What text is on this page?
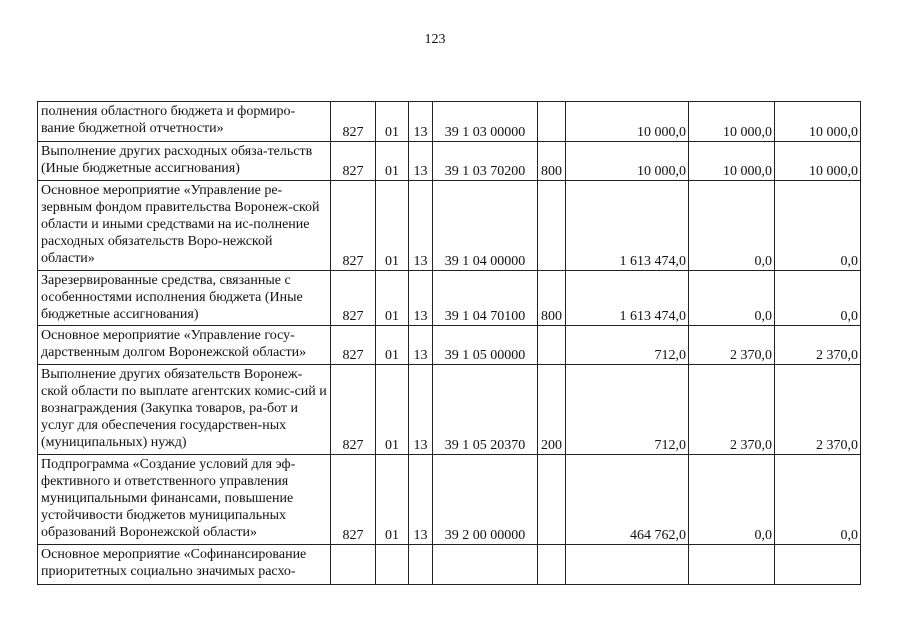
123
полнения областного бюджета и формиро-вание бюджетной отчетности»	827	01	13	39 1 03 00000		10 000,0	10 000,0	10 000,0
Выполнение других расходных обяза-тельств (Иные бюджетные ассигнования)	827	01	13	39 1 03 70200	800	10 000,0	10 000,0	10 000,0
Основное мероприятие «Управление ре-зервным фондом правительства Воронеж-ской области и иными средствами на ис-полнение расходных обязательств Воро-нежской области»	827	01	13	39 1 04 00000		1 613 474,0	0,0	0,0
Зарезервированные средства, связанные с особенностями исполнения бюджета (Иные бюджетные ассигнования)	827	01	13	39 1 04 70100	800	1 613 474,0	0,0	0,0
Основное мероприятие «Управление госу-дарственным долгом Воронежской области»	827	01	13	39 1 05 00000		712,0	2 370,0	2 370,0
Выполнение других обязательств Воронеж-ской области по выплате агентских комис-сий и вознаграждения (Закупка товаров, ра-бот и услуг для обеспечения государствен-ных (муниципальных) нужд)	827	01	13	39 1 05 20370	200	712,0	2 370,0	2 370,0
Подпрограмма «Создание условий для эф-фективного и ответственного управления муниципальными финансами, повышение устойчивости бюджетов муниципальных образований Воронежской области»	827	01	13	39 2 00 00000		464 762,0	0,0	0,0
Основное мероприятие «Софинансирование приоритетных социально значимых расхо-								
